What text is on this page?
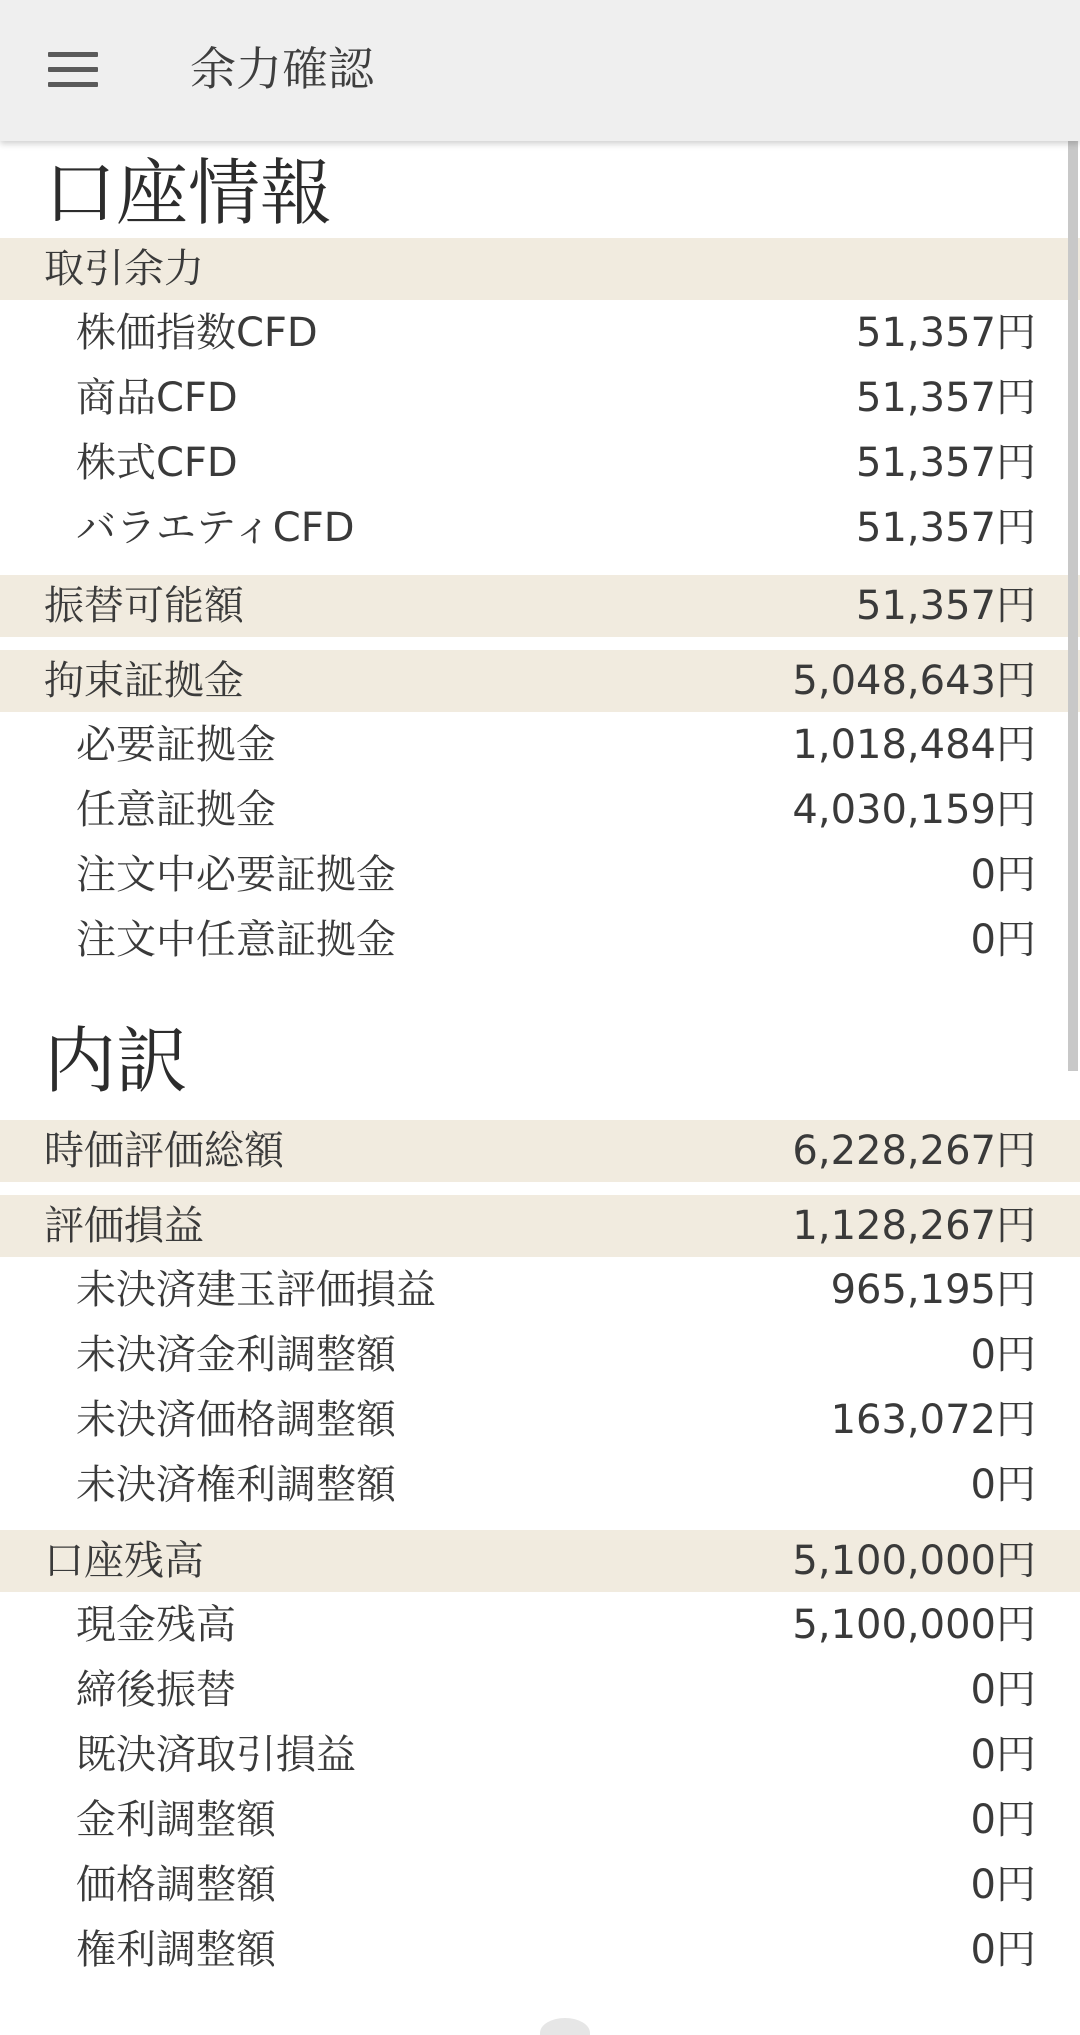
余力確認
口座情報
取引余力
株価指数CFD	51,357円
商品CFD	51,357円
株式CFD	51,357円
バラエティCFD	51,357円
振替可能額	51,357円
拘束証拠金	5,048,643円
必要証拠金	1,018,484円
任意証拠金	4,030,159円
注文中必要証拠金	0円
注文中任意証拠金	0円
内訳
時価評価総額	6,228,267円
評価損益	1,128,267円
未決済建玉評価損益	965,195円
未決済金利調整額	0円
未決済価格調整額	163,072円
未決済権利調整額	0円
口座残高	5,100,000円
現金残高	5,100,000円
締後振替	0円
既決済取引損益	0円
金利調整額	0円
価格調整額	0円
権利調整額	0円
